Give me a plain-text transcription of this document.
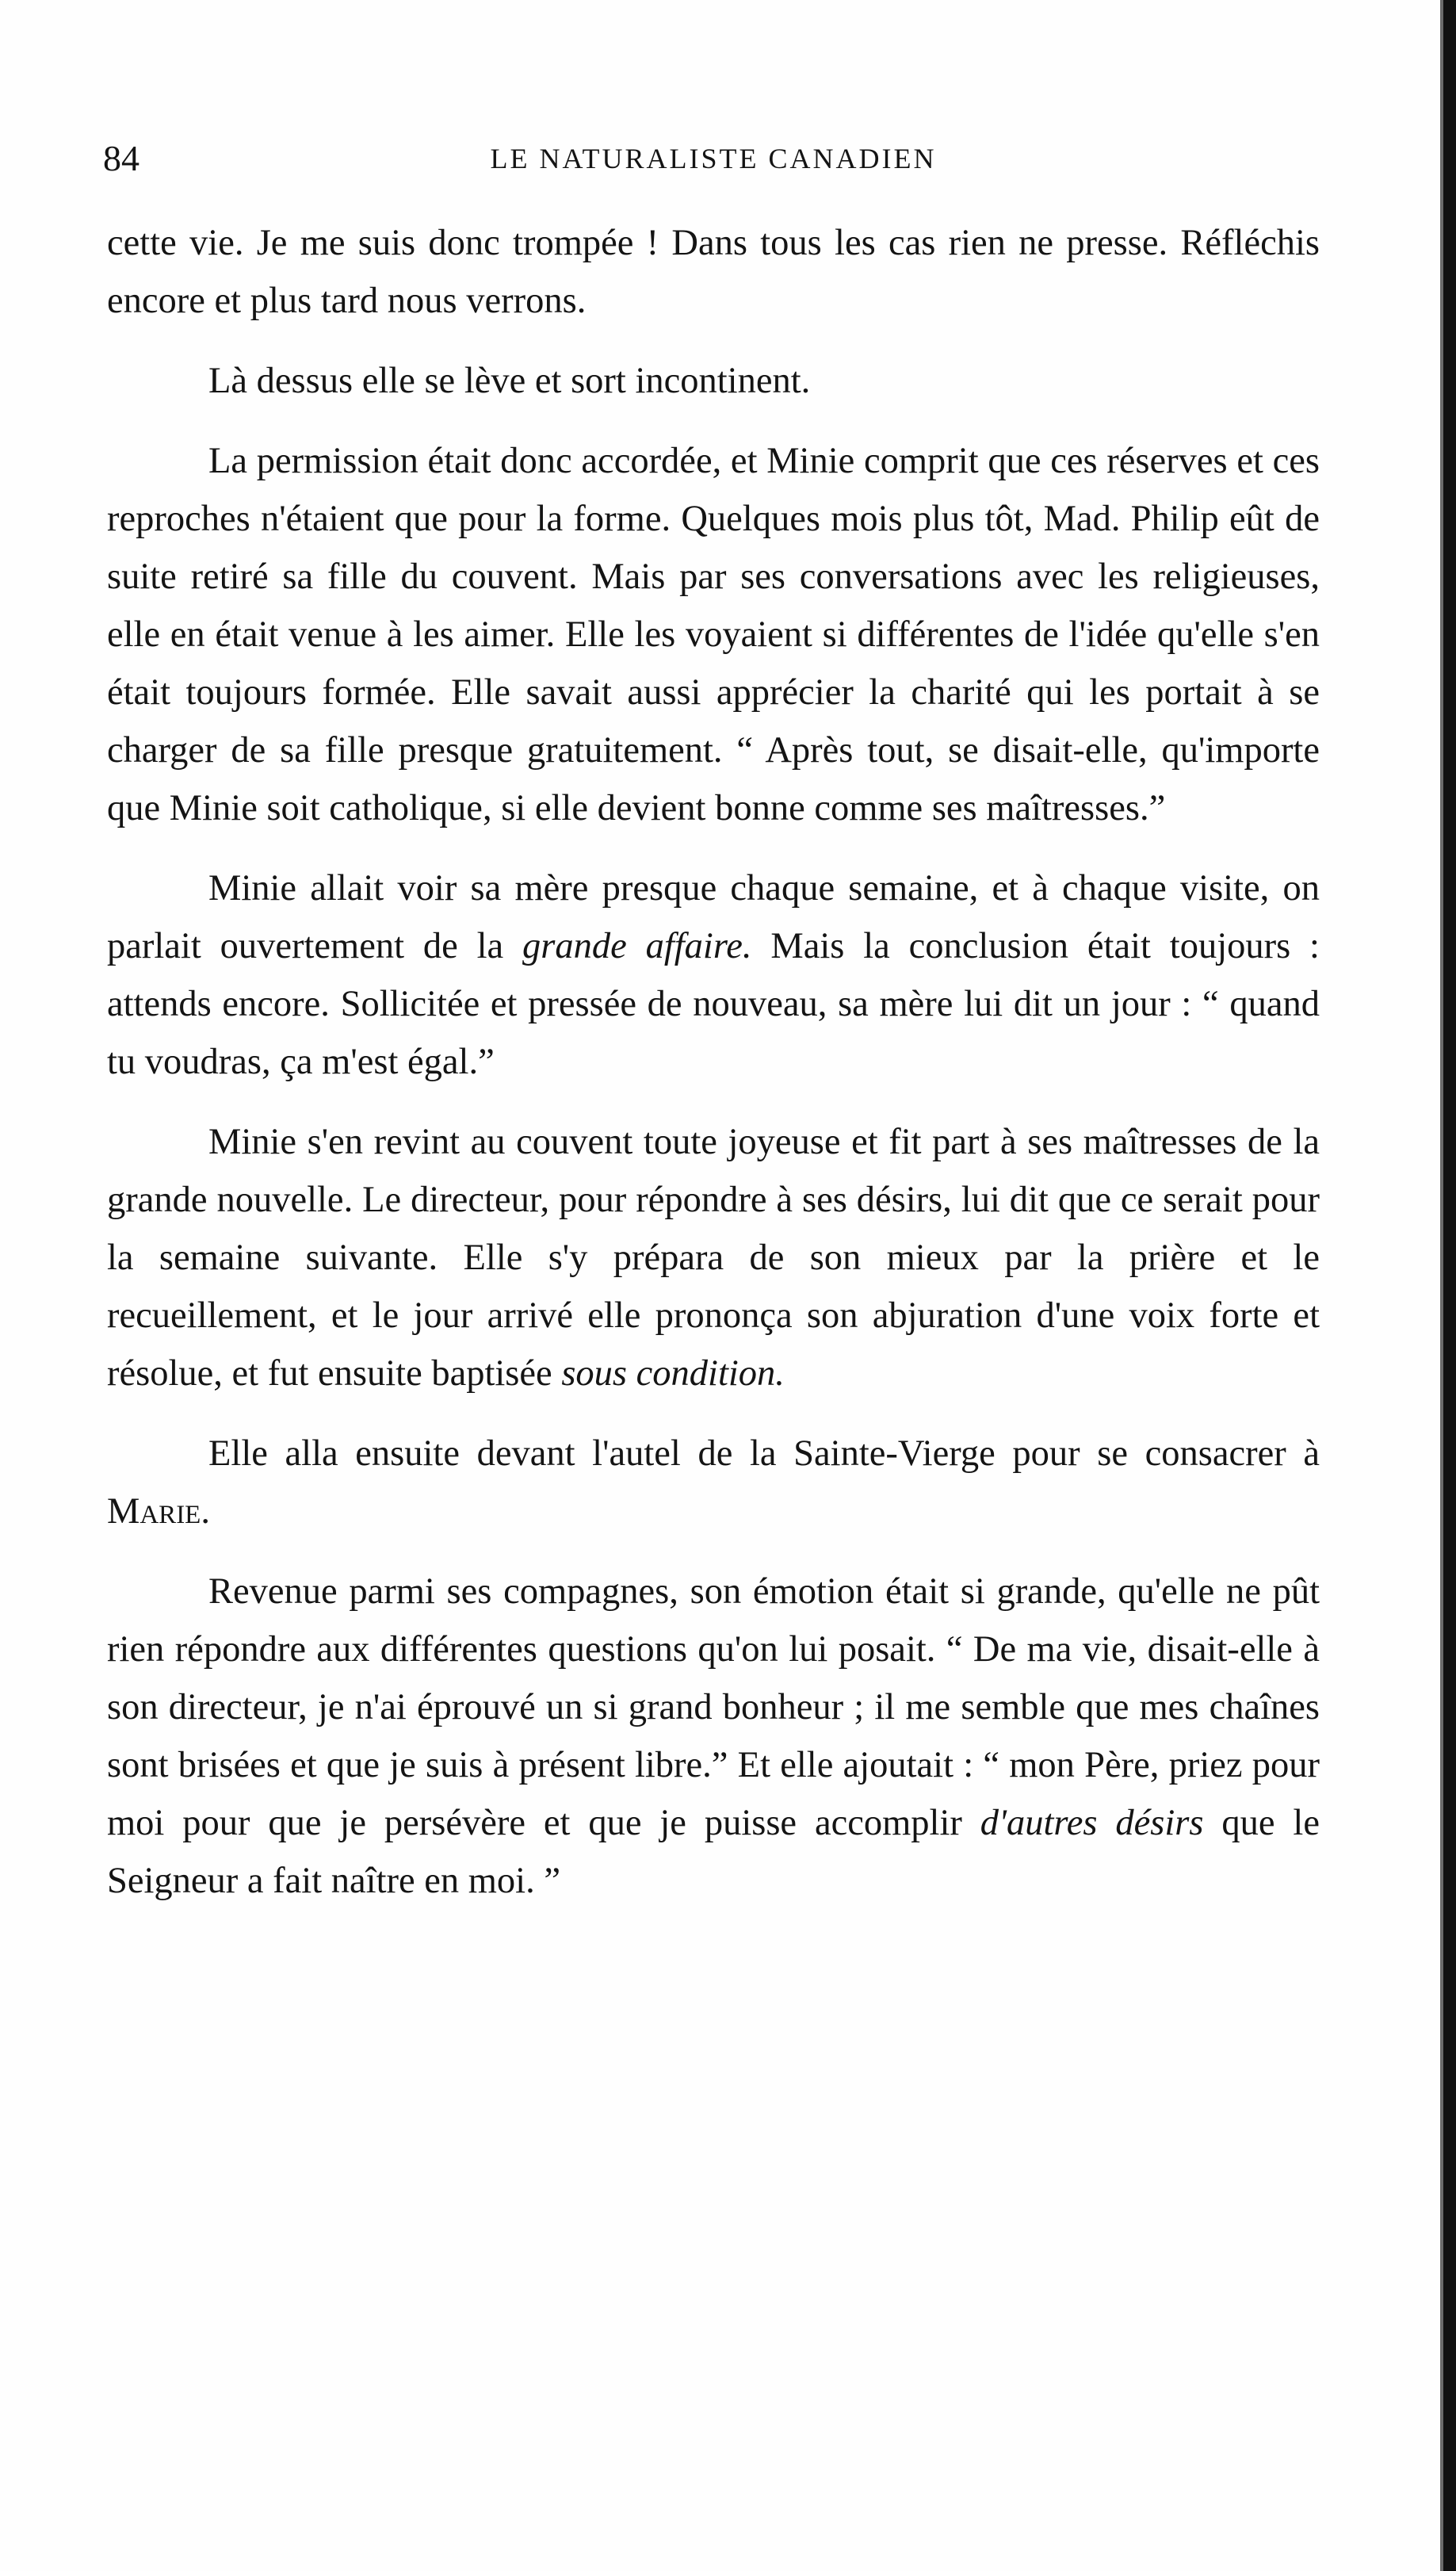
84	LE NATURALISTE CANADIEN

cette vie. Je me suis donc trompée ! Dans tous les cas rien ne presse. Réfléchis encore et plus tard nous verrons.

Là dessus elle se lève et sort incontinent.

La permission était donc accordée, et Minie comprit que ces réserves et ces reproches n'étaient que pour la forme. Quelques mois plus tôt, Mad. Philip eût de suite retiré sa fille du couvent. Mais par ses conversations avec les religieuses, elle en était venue à les aimer. Elle les voyaient si différentes de l'idée qu'elle s'en était toujours formée. Elle savait aussi apprécier la charité qui les portait à se charger de sa fille presque gratuitement. “ Après tout, se disait-elle, qu'importe que Minie soit catholique, si elle devient bonne comme ses maîtresses.”

Minie allait voir sa mère presque chaque semaine, et à chaque visite, on parlait ouvertement de la grande affaire. Mais la conclusion était toujours : attends encore. Sollicitée et pressée de nouveau, sa mère lui dit un jour : “ quand tu voudras, ça m'est égal.”

Minie s'en revint au couvent toute joyeuse et fit part à ses maîtresses de la grande nouvelle. Le directeur, pour répondre à ses désirs, lui dit que ce serait pour la semaine suivante. Elle s'y prépara de son mieux par la prière et le recueillement, et le jour arrivé elle prononça son abjuration d'une voix forte et résolue, et fut ensuite baptisée sous condition.

Elle alla ensuite devant l'autel de la Sainte-Vierge pour se consacrer à Marie.

Revenue parmi ses compagnes, son émotion était si grande, qu'elle ne pût rien répondre aux différentes questions qu'on lui posait. “ De ma vie, disait-elle à son directeur, je n'ai éprouvé un si grand bonheur ; il me semble que mes chaînes sont brisées et que je suis à présent libre.” Et elle ajoutait : “ mon Père, priez pour moi pour que je persévère et que je puisse accomplir d'autres désirs que le Seigneur a fait naître en moi. ”
